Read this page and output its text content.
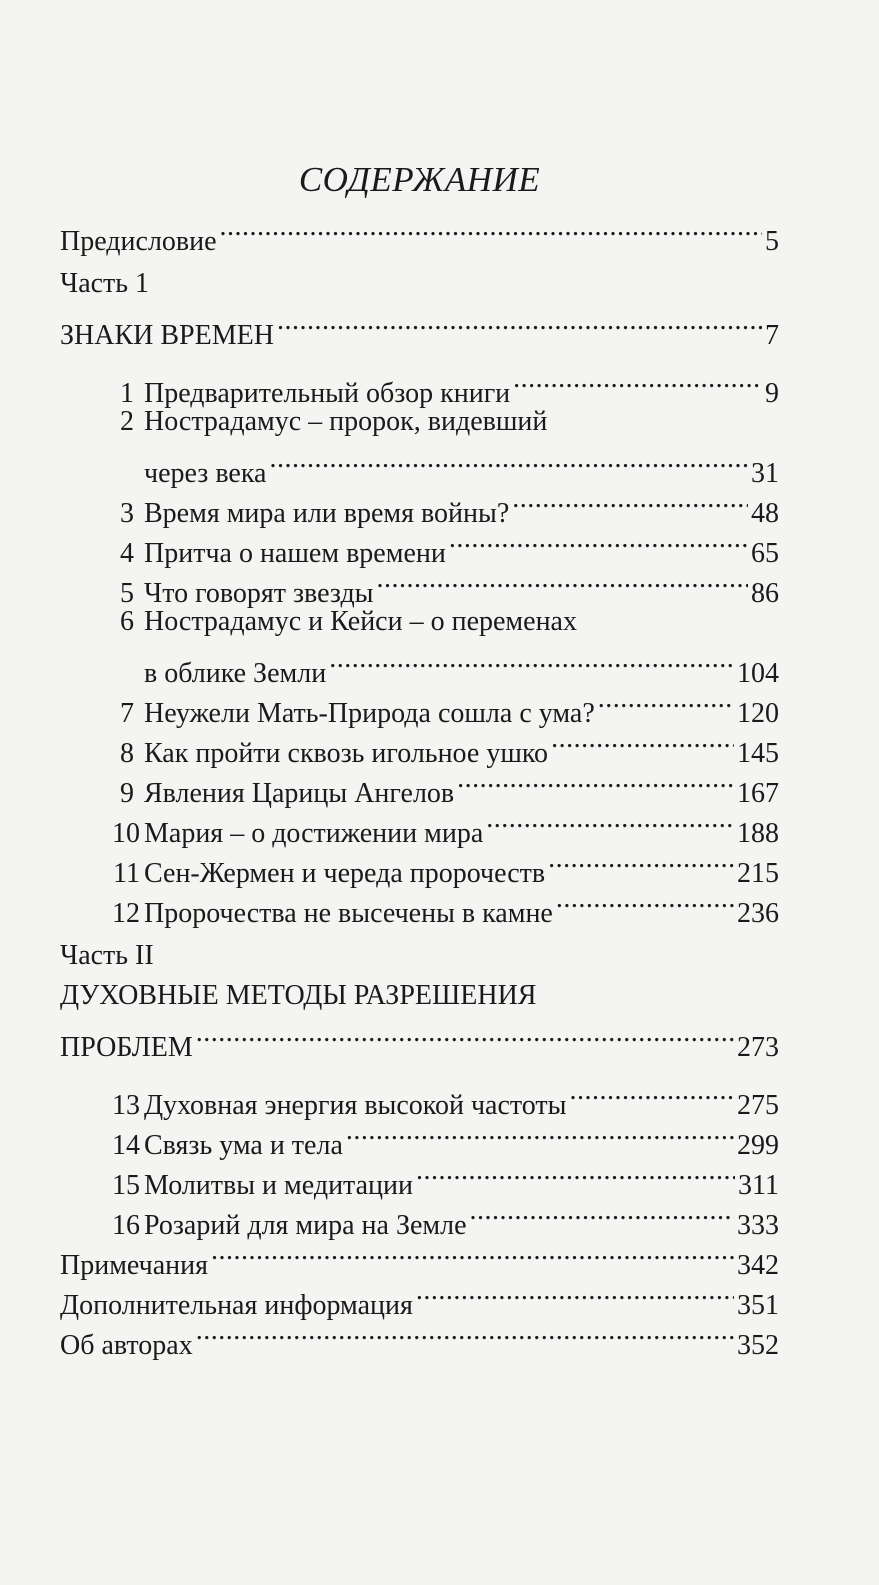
СОДЕРЖАНИЕ
Предисловие .....	5
Часть 1
ЗНАКИ ВРЕМЕН .....	7
1 Предварительный обзор книги .....	9
2 Нострадамус – пророк, видевший
через века .....	31
3 Время мира или время войны? .....	48
4 Притча о нашем времени .....	65
5 Что говорят звезды .....	86
6 Нострадамус и Кейси – о переменах
в облике Земли .....	104
7 Неужели Мать-Природа сошла с ума? .....	120
8 Как пройти сквозь игольное ушко .....	145
9 Явления Царицы Ангелов .....	167
10 Мария – о достижении мира .....	188
11 Сен-Жермен и череда пророчеств .....	215
12 Пророчества не высечены в камне .....	236
Часть II
ДУХОВНЫЕ МЕТОДЫ РАЗРЕШЕНИЯ
ПРОБЛЕМ .....	273
13 Духовная энергия высокой частоты .....	275
14 Связь ума и тела .....	299
15 Молитвы и медитации .....	311
16 Розарий для мира на Земле .....	333
Примечания .....	342
Дополнительная информация .....	351
Об авторах .....	352
